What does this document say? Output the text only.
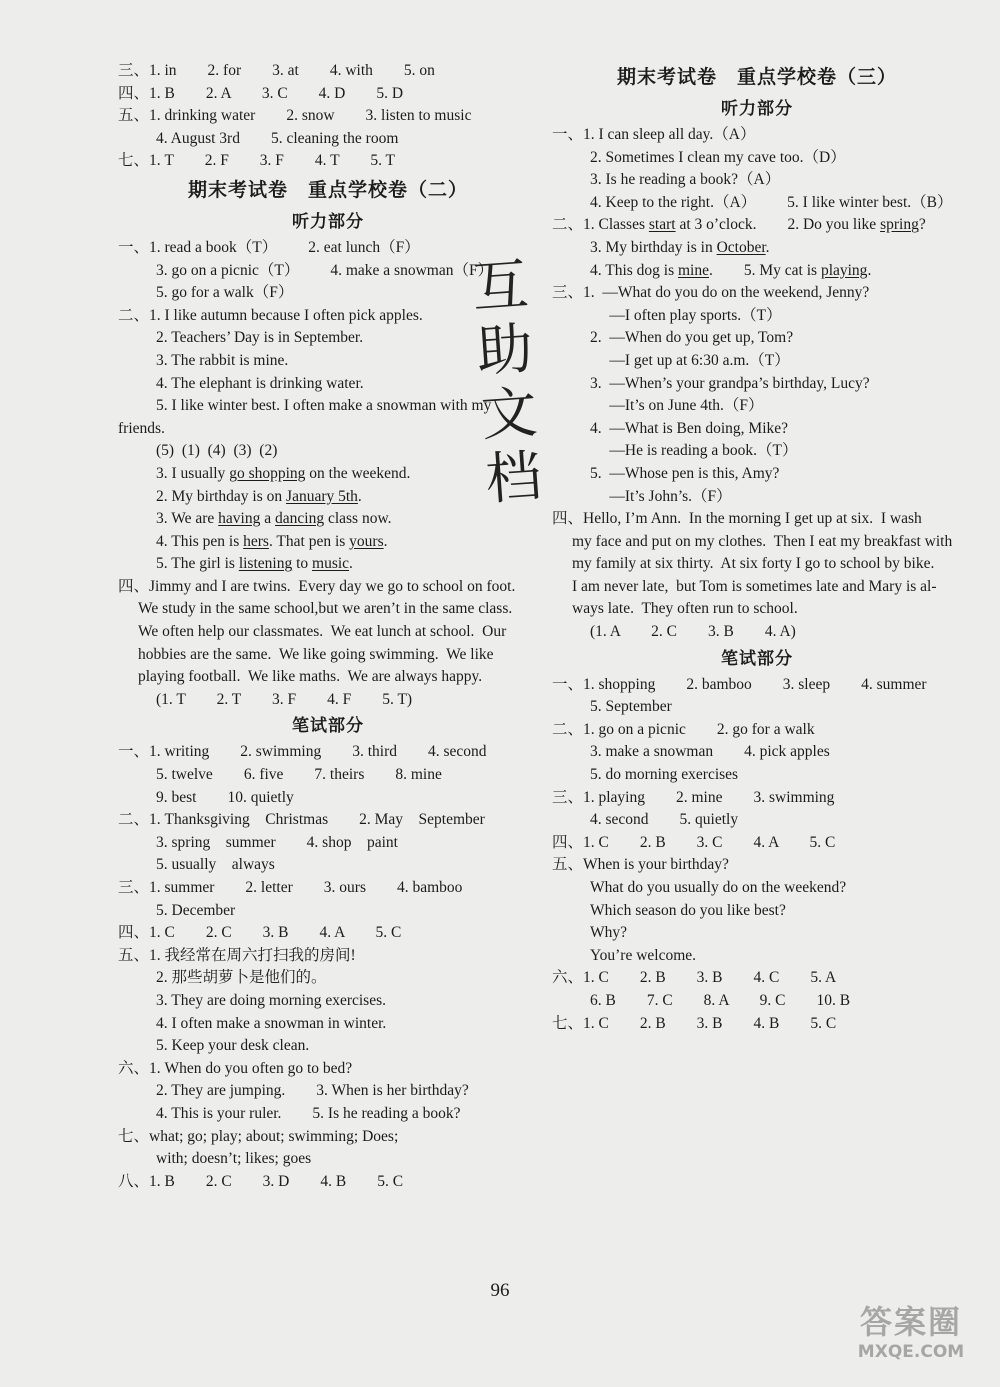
三、1. in        2. for        3. at        4. with        5. on
四、1. B        2. A        3. C        4. D        5. D
五、1. drinking water        2. snow        3. listen to music
4. August 3rd        5. cleaning the room
七、1. T        2. F        3. F        4. T        5. T
期末考试卷　重点学校卷（二）
听力部分
一、1. read a book（T）        2. eat lunch（F）
3. go on a picnic（T）        4. make a snowman（F）
5. go for a walk（F）
二、1. I like autumn because I often pick apples.
2. Teachers’ Day is in September.
3. The rabbit is mine.
4. The elephant is drinking water.
5. I like winter best. I often make a snowman with my
friends.
(5)  (1)  (4)  (3)  (2)
3. I usually go shopping on the weekend.
2. My birthday is on January 5th.
3. We are having a dancing class now.
4. This pen is hers. That pen is yours.
5. The girl is listening to music.
四、Jimmy and I are twins.  Every day we go to school on foot.
We study in the same school,but we aren’t in the same class.
We often help our classmates.  We eat lunch at school.  Our
hobbies are the same.  We like going swimming.  We like
playing football.  We like maths.  We are always happy.
(1. T        2. T        3. F        4. F        5. T)
笔试部分
一、1. writing        2. swimming        3. third        4. second
5. twelve        6. five        7. theirs        8. mine
9. best        10. quietly
二、1. Thanksgiving    Christmas        2. May    September
3. spring    summer        4. shop    paint
5. usually    always
三、1. summer        2. letter        3. ours        4. bamboo
5. December
四、1. C        2. C        3. B        4. A        5. C
五、1. 我经常在周六打扫我的房间!
2. 那些胡萝卜是他们的。
3. They are doing morning exercises.
4. I often make a snowman in winter.
5. Keep your desk clean.
六、1. When do you often go to bed?
2. They are jumping.        3. When is her birthday?
4. This is your ruler.        5. Is he reading a book?
七、what; go; play; about; swimming; Does;
with; doesn’t; likes; goes
八、1. B        2. C        3. D        4. B        5. C
期末考试卷　重点学校卷（三）
听力部分
一、1. I can sleep all day.（A）
2. Sometimes I clean my cave too.（D）
3. Is he reading a book?（A）
4. Keep to the right.（A）        5. I like winter best.（B）
二、1. Classes start at 3 o’clock.        2. Do you like spring?
3. My birthday is in October.
4. This dog is mine.        5. My cat is playing.
三、1.  —What do you do on the weekend, Jenny?
—I often play sports.（T）
2.  —When do you get up, Tom?
—I get up at 6:30 a.m.（T）
3.  —When’s your grandpa’s birthday, Lucy?
—It’s on June 4th.（F）
4.  —What is Ben doing, Mike?
—He is reading a book.（T）
5.  —Whose pen is this, Amy?
—It’s John’s.（F）
四、Hello, I’m Ann.  In the morning I get up at six.  I wash
my face and put on my clothes.  Then I eat my breakfast with
my family at six thirty.  At six forty I go to school by bike.
I am never late,  but Tom is sometimes late and Mary is al-
ways late.  They often run to school.
(1. A        2. C        3. B        4. A)
笔试部分
一、1. shopping        2. bamboo        3. sleep        4. summer
5. September
二、1. go on a picnic        2. go for a walk
3. make a snowman        4. pick apples
5. do morning exercises
三、1. playing        2. mine        3. swimming
4. second        5. quietly
四、1. C        2. B        3. C        4. A        5. C
五、When is your birthday?
What do you usually do on the weekend?
Which season do you like best?
Why?
You’re welcome.
六、1. C        2. B        3. B        4. C        5. A
6. B        7. C        8. A        9. C        10. B
七、1. C        2. B        3. B        4. B        5. C
互
助
文
档
96
答案圈
MXQE.COM
